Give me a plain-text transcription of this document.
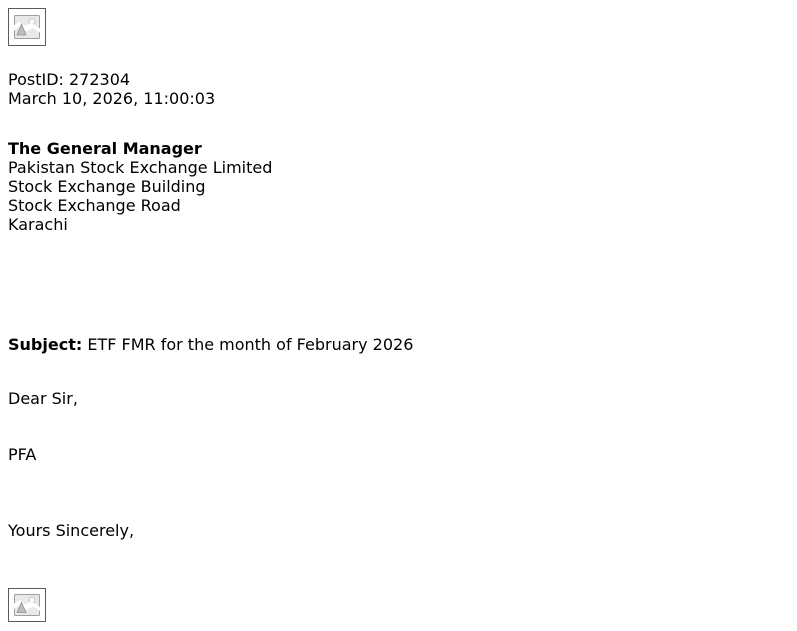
PostID: 272304
March 10, 2026, 11:00:03
The General Manager
Pakistan Stock Exchange Limited
Stock Exchange Building
Stock Exchange Road
Karachi
Subject: ETF FMR for the month of February 2026
Dear Sir,
PFA
Yours Sincerely,
